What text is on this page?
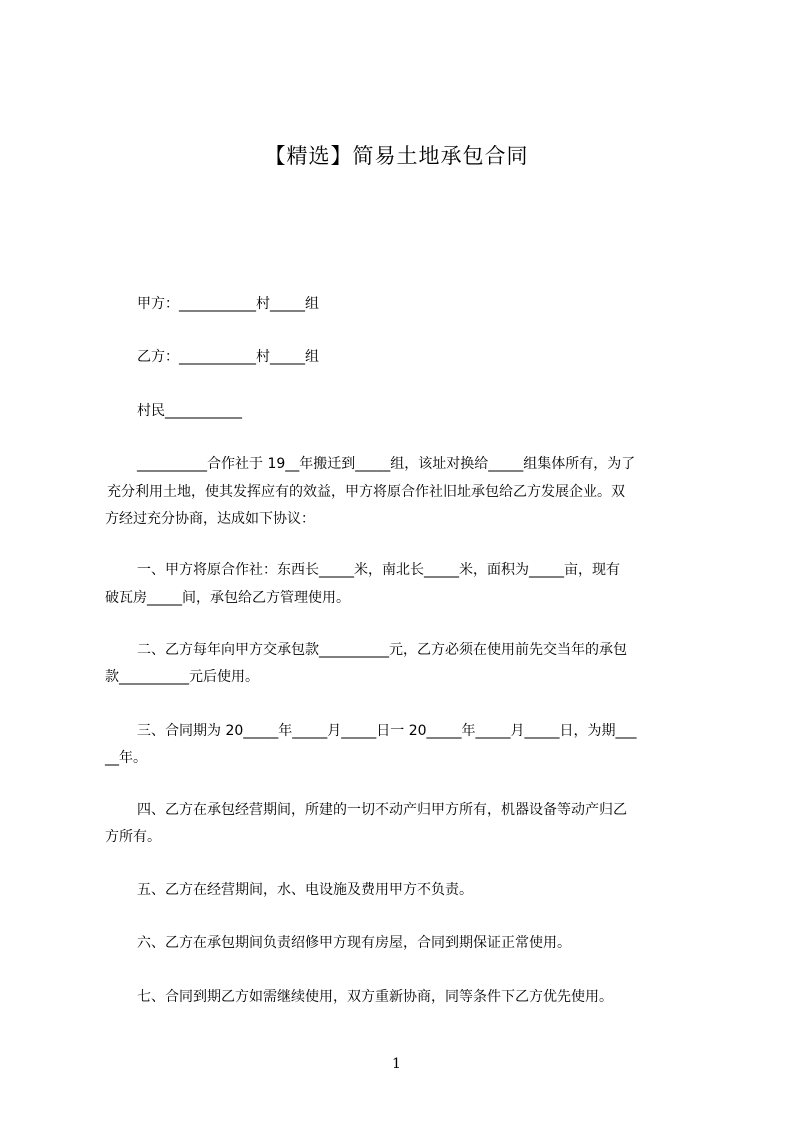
【精选】简易土地承包合同
甲方：___________村_____组
乙方：___________村_____组
村民___________
__________合作社于 19__年搬迁到_____组，该址对换给_____组集体所有，为了
充分利用土地，使其发挥应有的效益，甲方将原合作社旧址承包给乙方发展企业。双
方经过充分协商，达成如下协议：
一、甲方将原合作社：东西长_____米，南北长_____米，面积为_____亩，现有
破瓦房_____间，承包给乙方管理使用。
二、乙方每年向甲方交承包款__________元，乙方必须在使用前先交当年的承包
款__________元后使用。
三、合同期为 20_____年_____月_____日一 20_____年_____月_____日，为期___
__年。
四、乙方在承包经营期间，所建的一切不动产归甲方所有，机器设备等动产归乙
方所有。
五、乙方在经营期间，水、电设施及费用甲方不负责。
六、乙方在承包期间负责绍修甲方现有房屋，合同到期保证正常使用。
七、合同到期乙方如需继续使用，双方重新协商，同等条件下乙方优先使用。
1
